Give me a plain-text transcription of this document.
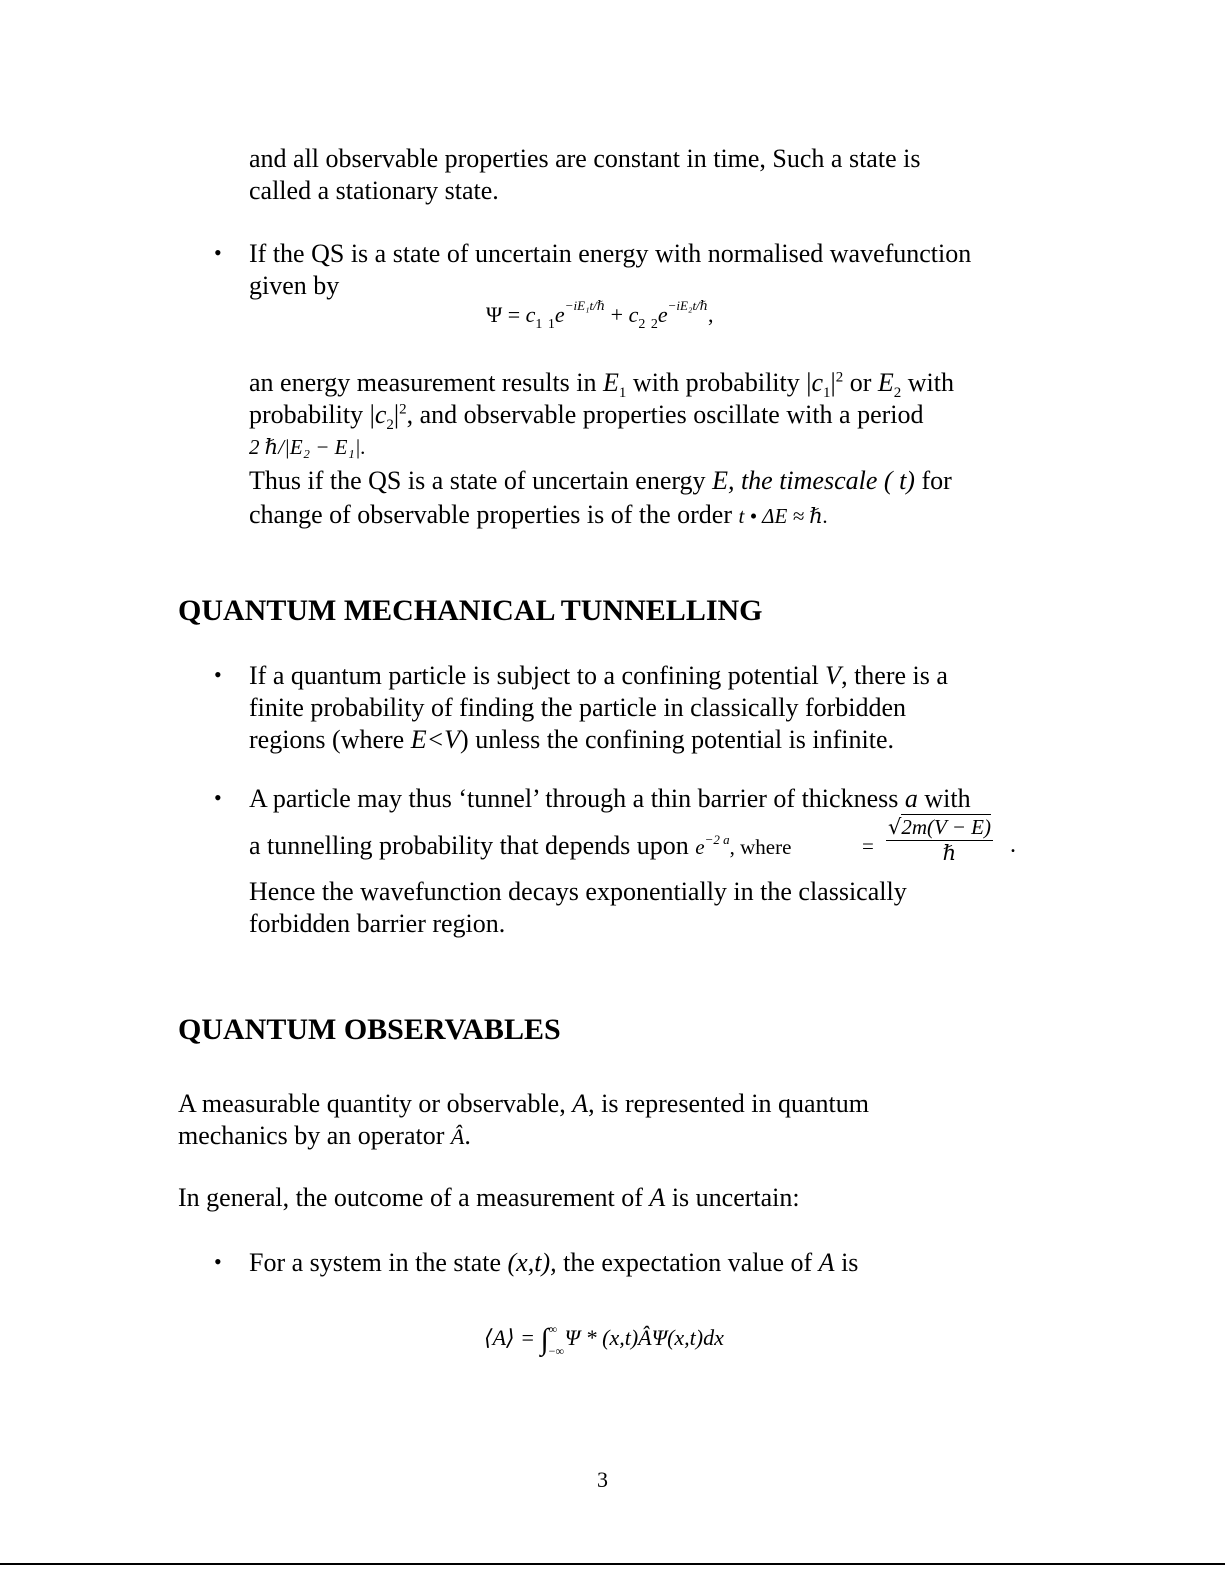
and all observable properties are constant in time, Such a state is
called a stationary state.
• If the QS is a state of uncertain energy with normalised wavefunction
given by
$\Psi = c_1$ $_1e^{-iE_1t/\hbar} + c_2$ $_2e^{-iE_2t/\hbar}$,
an energy measurement results in $E_1$ with probability $|c_1|^2$ or $E_2$ with
probability $|c_2|^2$, and observable properties oscillate with a period
2 ℏ/|E₂ − E₁|.
Thus if the QS is a state of uncertain energy E, the timescale ( t) for
change of observable properties is of the order t • ΔE ≈ ℏ.
QUANTUM MECHANICAL TUNNELLING
• If a quantum particle is subject to a confining potential V, there is a
finite probability of finding the particle in classically forbidden
regions (where E<V) unless the confining potential is infinite.
• A particle may thus ‘tunnel’ through a thin barrier of thickness a with
a tunnelling probability that depends upon $e^{-2 a}$, where	=
√2m(V − E)
ℏ	.
Hence the wavefunction decays exponentially in the classically
forbidden barrier region.
QUANTUM OBSERVABLES
A measurable quantity or observable, A, is represented in quantum
mechanics by an operator Â.
In general, the outcome of a measurement of A is uncertain:
• For a system in the state (x,t), the expectation value of A is
⟨A⟩ = ∫ ∞
−∞
Ψ * (x,t)ÂΨ(x,t)dx
3
